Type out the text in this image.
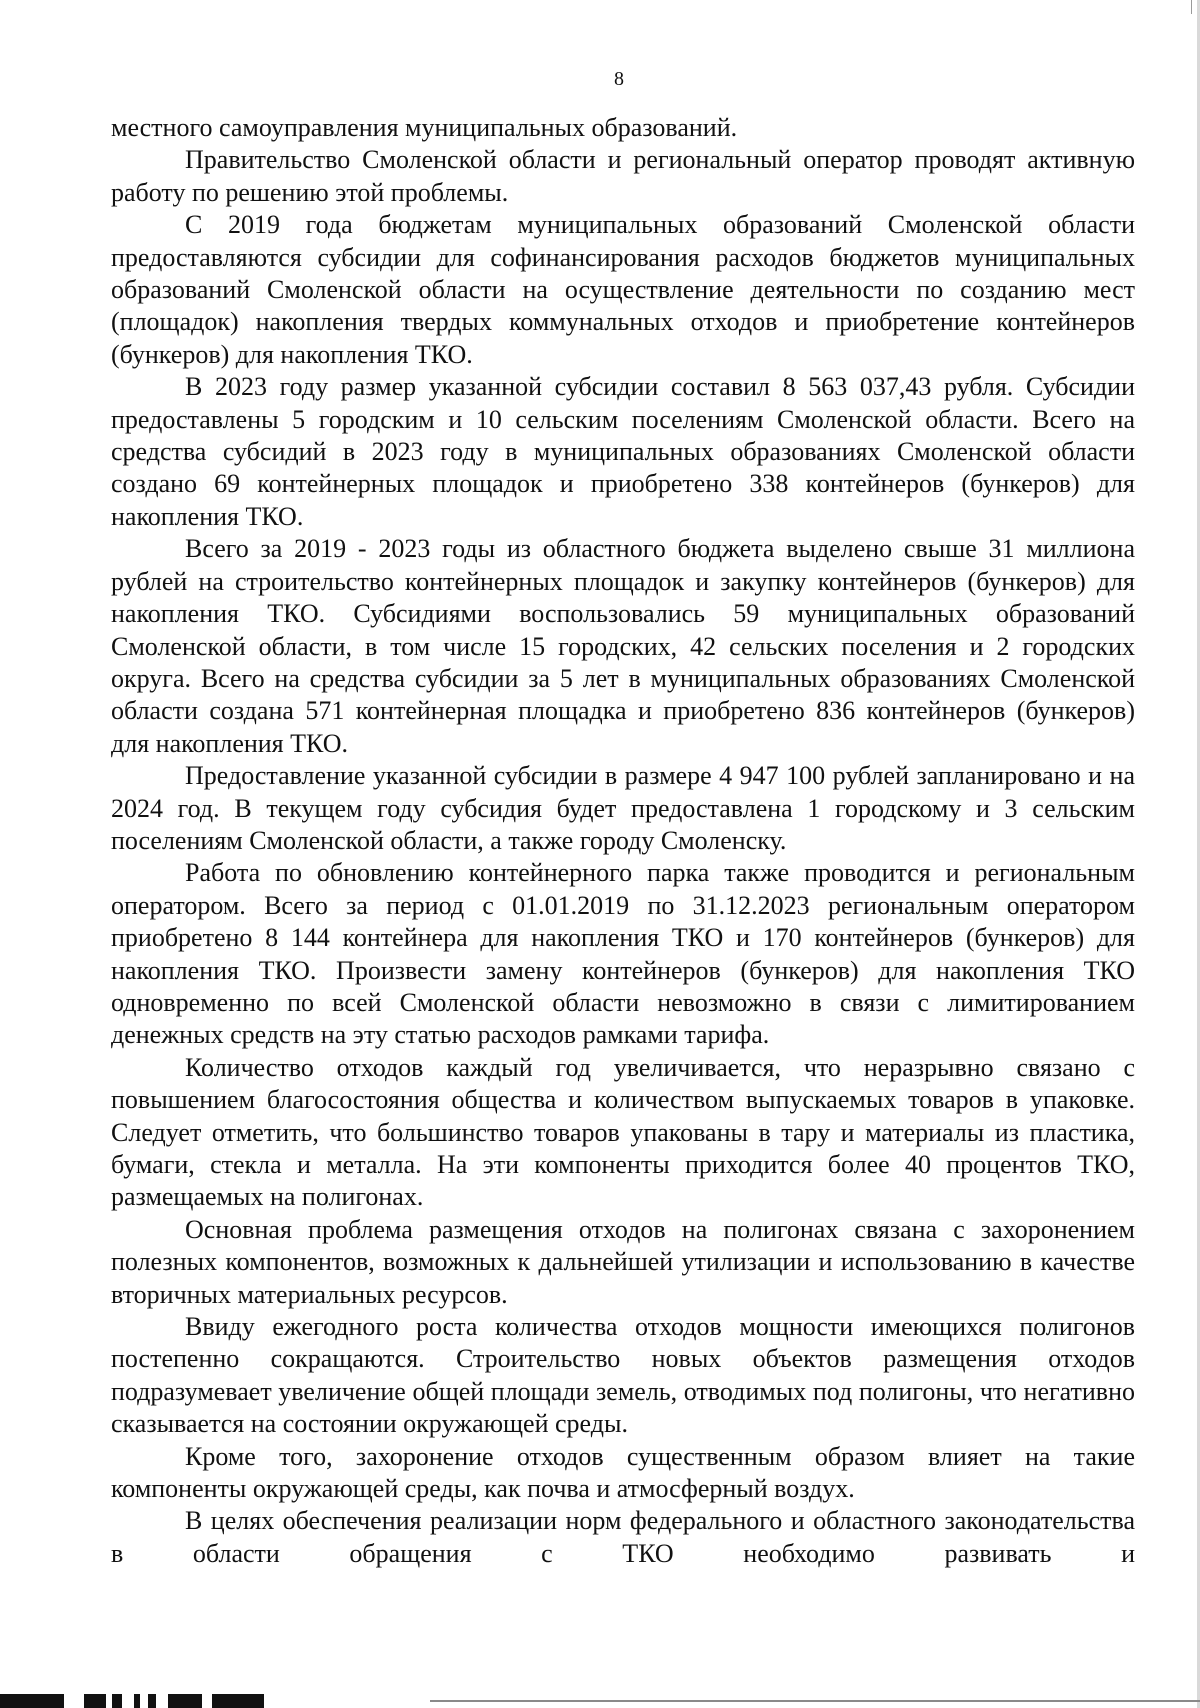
8

местного самоуправления муниципальных образований.

Правительство Смоленской области и региональный оператор проводят активную работу по решению этой проблемы.

С 2019 года бюджетам муниципальных образований Смоленской области предоставляются субсидии для софинансирования расходов бюджетов муниципальных образований Смоленской области на осуществление деятельности по созданию мест (площадок) накопления твердых коммунальных отходов и приобретение контейнеров (бункеров) для накопления ТКО.

В 2023 году размер указанной субсидии составил 8 563 037,43 рубля. Субсидии предоставлены 5 городским и 10 сельским поселениям Смоленской области. Всего на средства субсидий в 2023 году в муниципальных образованиях Смоленской области создано 69 контейнерных площадок и приобретено 338 контейнеров (бункеров) для накопления ТКО.

Всего за 2019 - 2023 годы из областного бюджета выделено свыше 31 миллиона рублей на строительство контейнерных площадок и закупку контейнеров (бункеров) для накопления ТКО. Субсидиями воспользовались 59 муниципальных образований Смоленской области, в том числе 15 городских, 42 сельских поселения и 2 городских округа. Всего на средства субсидии за 5 лет в муниципальных образованиях Смоленской области создана 571 контейнерная площадка и приобретено 836 контейнеров (бункеров) для накопления ТКО.

Предоставление указанной субсидии в размере 4 947 100 рублей запланировано и на 2024 год. В текущем году субсидия будет предоставлена 1 городскому и 3 сельским поселениям Смоленской области, а также городу Смоленску.

Работа по обновлению контейнерного парка также проводится и региональным оператором. Всего за период с 01.01.2019 по 31.12.2023 региональным оператором приобретено 8 144 контейнера для накопления ТКО и 170 контейнеров (бункеров) для накопления ТКО. Произвести замену контейнеров (бункеров) для накопления ТКО одновременно по всей Смоленской области невозможно в связи с лимитированием денежных средств на эту статью расходов рамками тарифа.

Количество отходов каждый год увеличивается, что неразрывно связано с повышением благосостояния общества и количеством выпускаемых товаров в упаковке. Следует отметить, что большинство товаров упакованы в тару и материалы из пластика, бумаги, стекла и металла. На эти компоненты приходится более 40 процентов ТКО, размещаемых на полигонах.

Основная проблема размещения отходов на полигонах связана с захоронением полезных компонентов, возможных к дальнейшей утилизации и использованию в качестве вторичных материальных ресурсов.

Ввиду ежегодного роста количества отходов мощности имеющихся полигонов постепенно сокращаются. Строительство новых объектов размещения отходов подразумевает увеличение общей площади земель, отводимых под полигоны, что негативно сказывается на состоянии окружающей среды.

Кроме того, захоронение отходов существенным образом влияет на такие компоненты окружающей среды, как почва и атмосферный воздух.

В целях обеспечения реализации норм федерального и областного законодательства в области обращения с ТКО необходимо развивать и
